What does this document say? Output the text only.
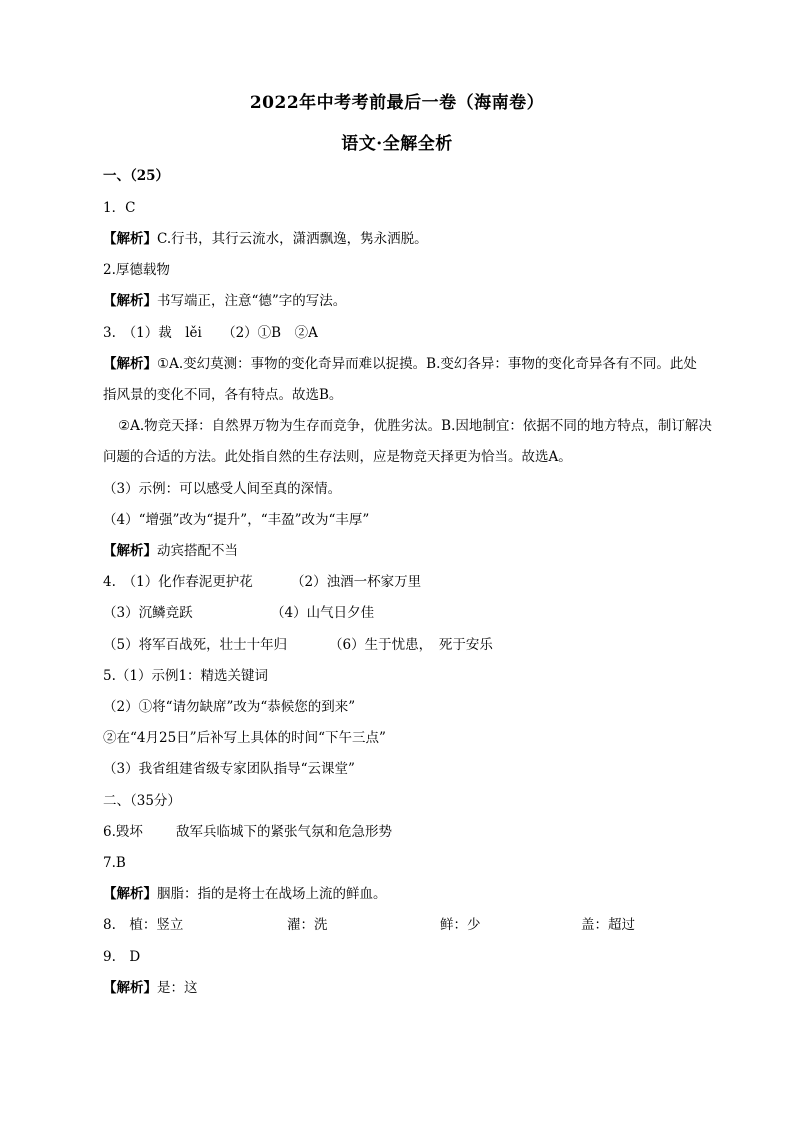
2022年中考考前最后一卷（海南卷）
语文·全解全析
一、（25）
1．C
【解析】C.行书，其行云流水，潇洒飘逸，隽永洒脱。
2.厚德载物
【解析】书写端正，注意“德”字的写法。
3.　（1）裁　lěi　　（2）①B　②A
【解析】①A.变幻莫测：事物的变化奇异而难以捉摸。B.变幻各异：事物的变化奇异各有不同。此处
指风景的变化不同，各有特点。故选B。
②A.物竞天择：自然界万物为生存而竞争，优胜劣汰。B.因地制宜：依据不同的地方特点，制订解决
问题的合适的方法。此处指自然的生存法则，应是物竞天择更为恰当。故选A。
（3）示例：可以感受人间至真的深情。
（4）“增强”改为“提升”，“丰盈”改为“丰厚”
【解析】动宾搭配不当
4.　（1）化作春泥更护花	（2）浊酒一杯家万里
（3）沉鳞竞跃	（4）山气日夕佳
（5）将军百战死，壮士十年归	（6）生于忧患，　死于安乐
5.（1）示例1：精选关键词
（2）①将“请勿缺席”改为“恭候您的到来”
②在“4月25日”后补写上具体的时间“下午三点”
（3）我省组建省级专家团队指导“云课堂”
二、（35分）
6.毁坏 敌军兵临城下的紧张气氛和危急形势
7.B
【解析】胭脂：指的是将士在战场上流的鲜血。
8.　植：竖立	濯：洗	鲜：少	盖：超过
9.　D
【解析】是：这
